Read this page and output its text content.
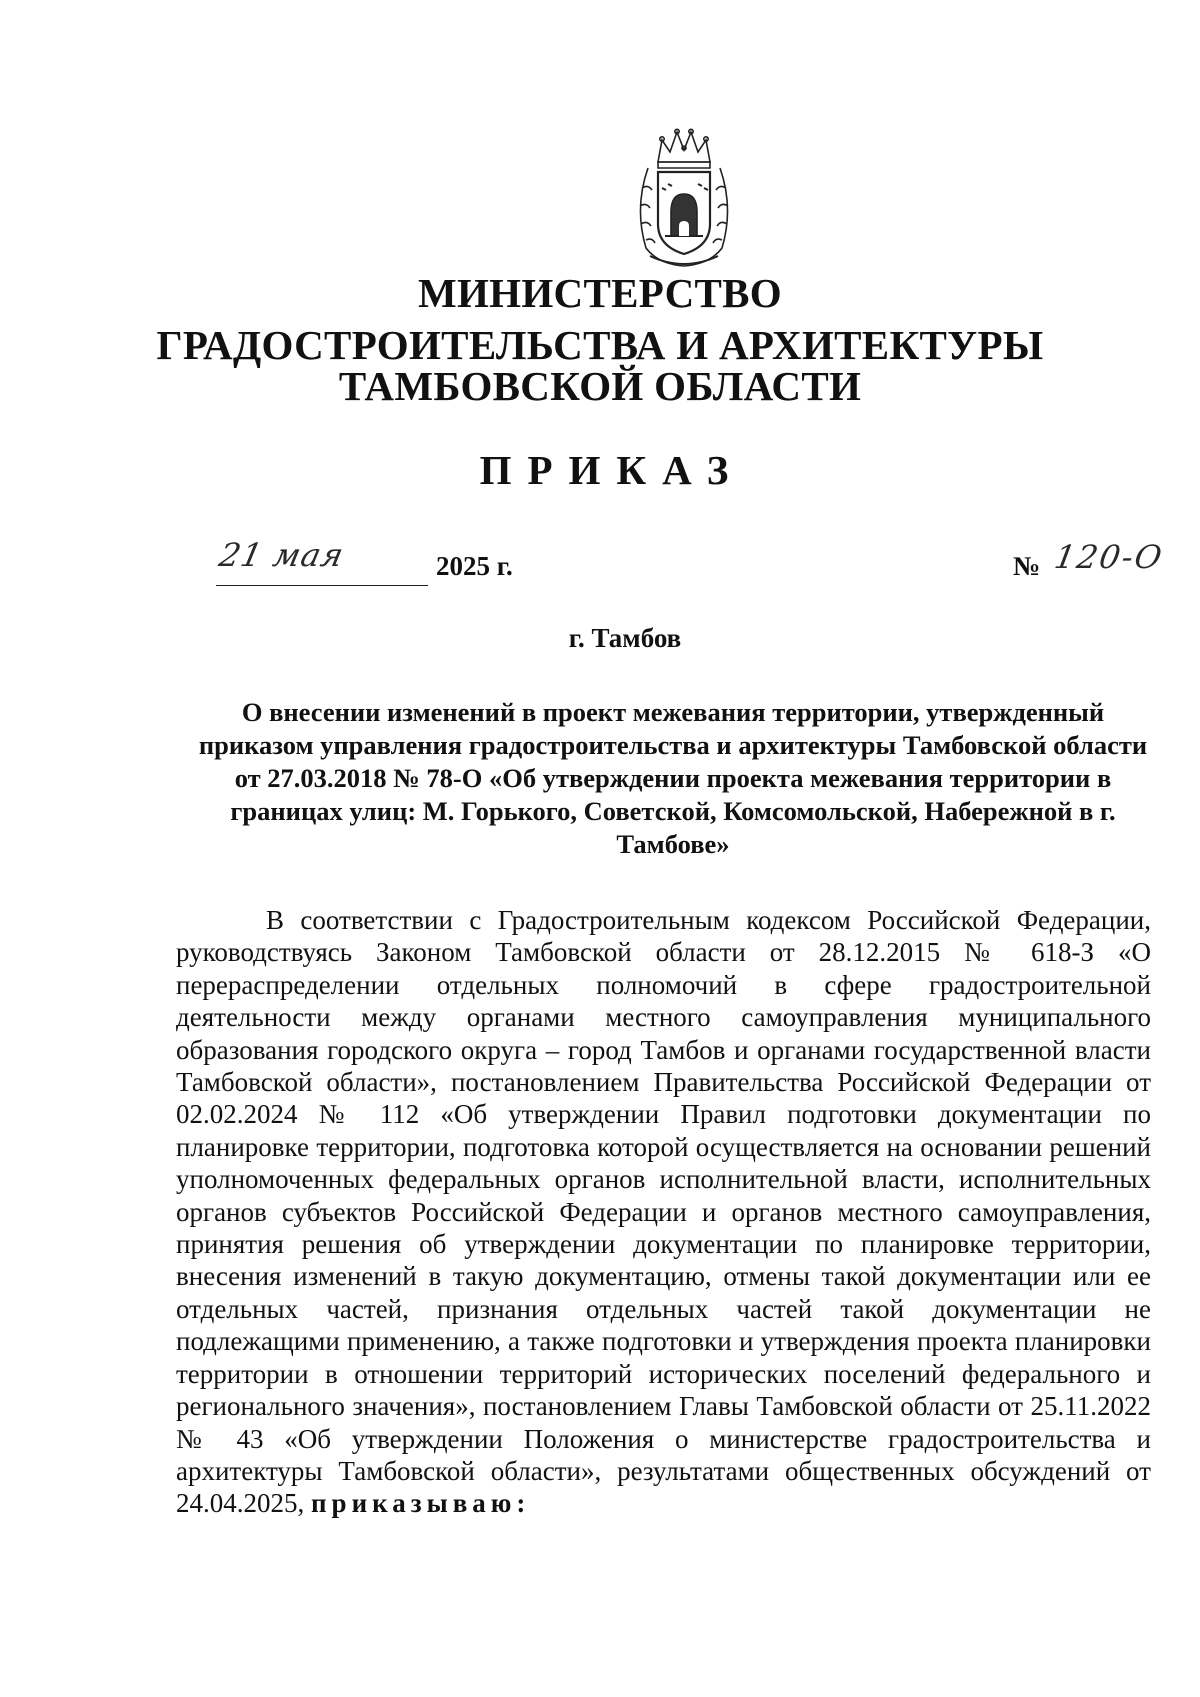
МИНИСТЕРСТВО
ГРАДОСТРОИТЕЛЬСТВА И АРХИТЕКТУРЫ
ТАМБОВСКОЙ ОБЛАСТИ
ПРИКАЗ
21 мая	2025 г.	№ 120-О
г. Тамбов
О внесении изменений в проект межевания территории, утвержденный приказом управления градостроительства и архитектуры Тамбовской области от 27.03.2018 № 78-О «Об утверждении проекта межевания территории в границах улиц: М. Горького, Советской, Комсомольской, Набережной в г. Тамбове»
В соответствии с Градостроительным кодексом Российской Федерации, руководствуясь Законом Тамбовской области от 28.12.2015 № 618-З «О перераспределении отдельных полномочий в сфере градостроительной деятельности между органами местного самоуправления муниципального образования городского округа – город Тамбов и органами государственной власти Тамбовской области», постановлением Правительства Российской Федерации от 02.02.2024 № 112 «Об утверждении Правил подготовки документации по планировке территории, подготовка которой осуществляется на основании решений уполномоченных федеральных органов исполнительной власти, исполнительных органов субъектов Российской Федерации и органов местного самоуправления, принятия решения об утверждении документации по планировке территории, внесения изменений в такую документацию, отмены такой документации или ее отдельных частей, признания отдельных частей такой документации не подлежащими применению, а также подготовки и утверждения проекта планировки территории в отношении территорий исторических поселений федерального и регионального значения», постановлением Главы Тамбовской области от 25.11.2022 № 43 «Об утверждении Положения о министерстве градостроительства и архитектуры Тамбовской области», результатами общественных обсуждений от 24.04.2025, приказываю:
